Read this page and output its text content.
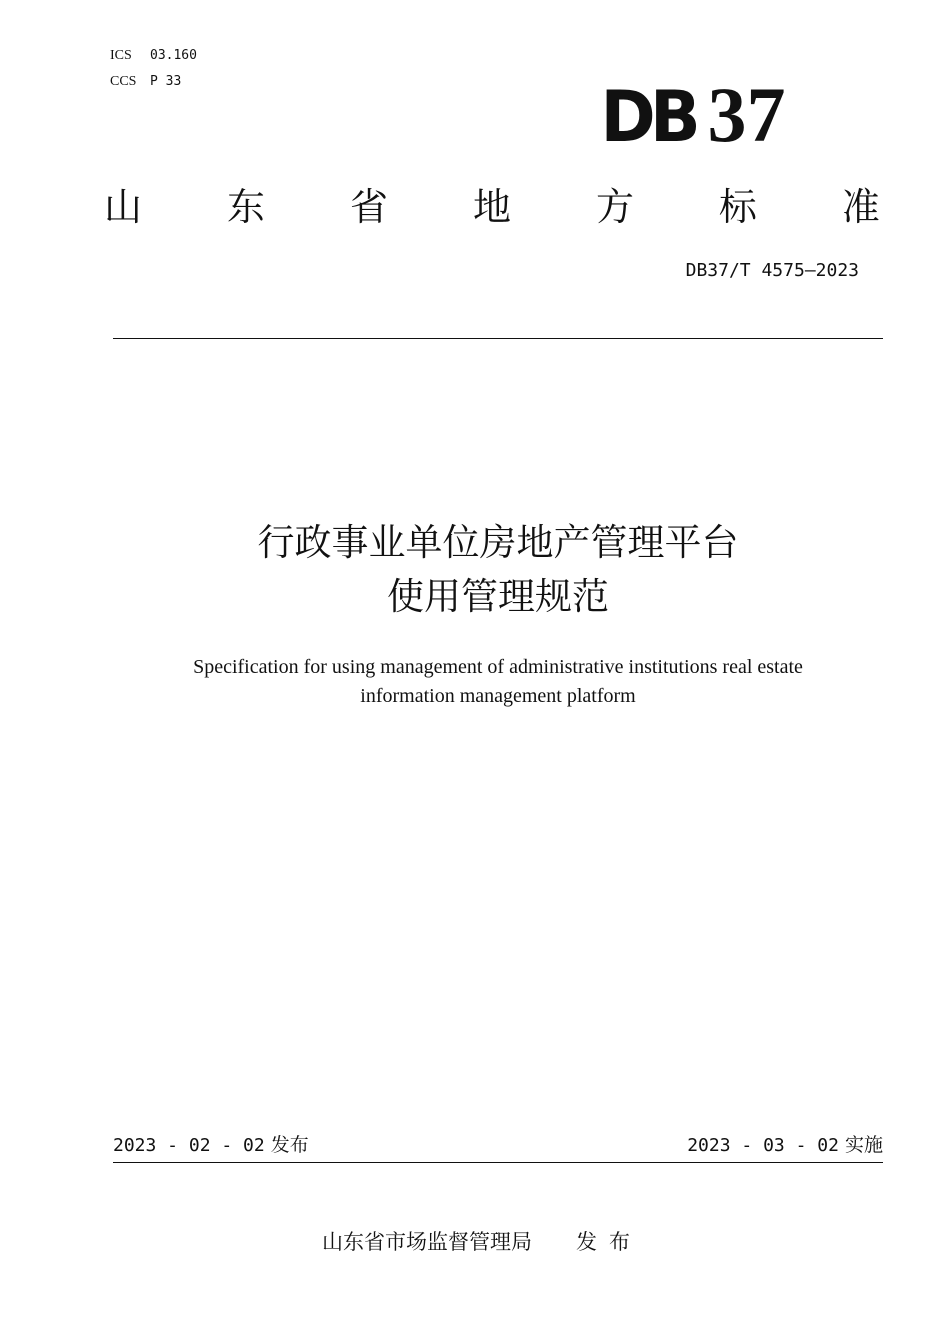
ICS 03.160
CCS P 33	DB 37
山 东 省 地 方 标 准
DB37/T 4575—2023
行政事业单位房地产管理平台
使用管理规范
Specification for using management of administrative institutions real estate
information management platform
2023 - 02 - 02 发布	2023 - 03 - 02 实施
山东省市场监督管理局 发布
